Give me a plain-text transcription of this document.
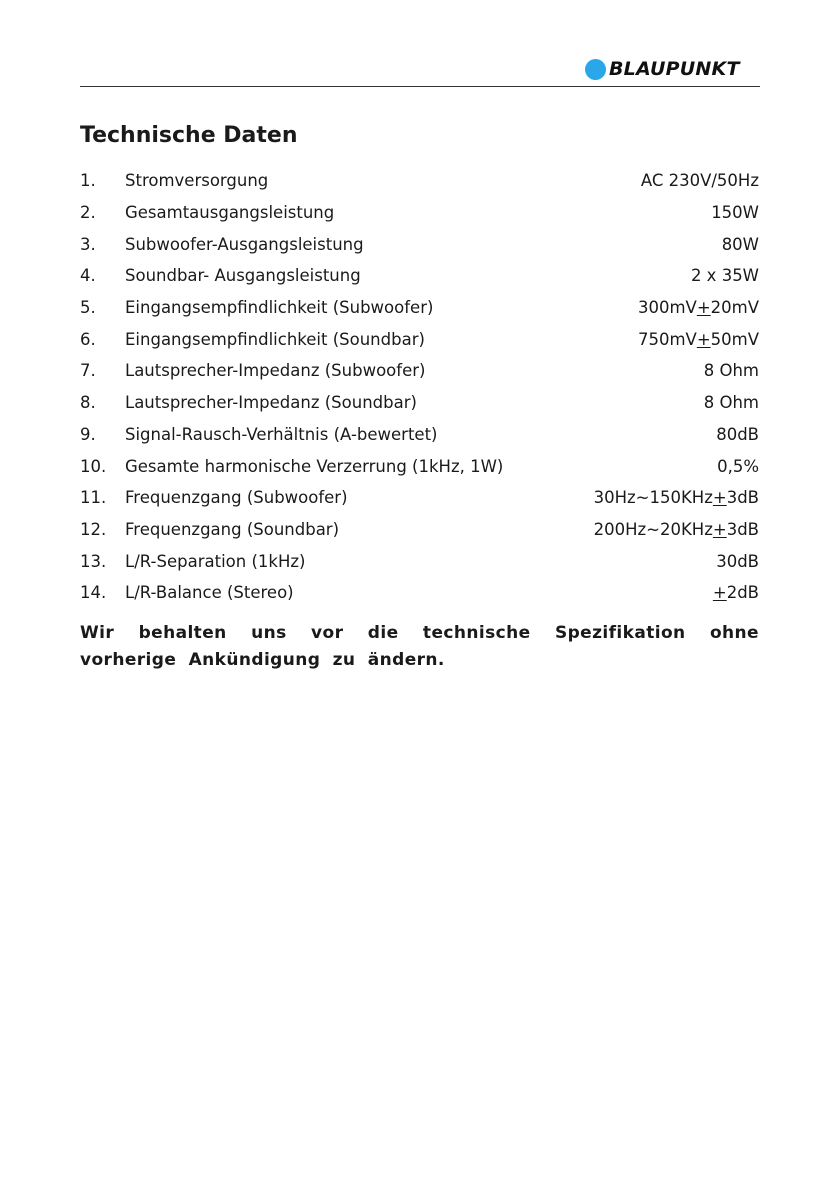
BLAUPUNKT
Technische Daten
1.	Stromversorgung	AC 230V/50Hz
2.	Gesamtausgangsleistung	150W
3.	Subwoofer-Ausgangsleistung	80W
4.	Soundbar- Ausgangsleistung	2 x 35W
5.	Eingangsempfindlichkeit (Subwoofer)	300mV+20mV
6.	Eingangsempfindlichkeit (Soundbar)	750mV+50mV
7.	Lautsprecher-Impedanz (Subwoofer)	8 Ohm
8.	Lautsprecher-Impedanz (Soundbar)	8 Ohm
9.	Signal-Rausch-Verhältnis (A-bewertet)	80dB
10.	Gesamte harmonische Verzerrung (1kHz, 1W)	0,5%
11.	Frequenzgang (Subwoofer)	30Hz~150KHz+3dB
12.	Frequenzgang (Soundbar)	200Hz~20KHz+3dB
13.	L/R-Separation (1kHz)	30dB
14.	L/R-Balance (Stereo)	+2dB

Wir behalten uns vor die technische Spezifikation ohne vorherige Ankündigung zu ändern.
